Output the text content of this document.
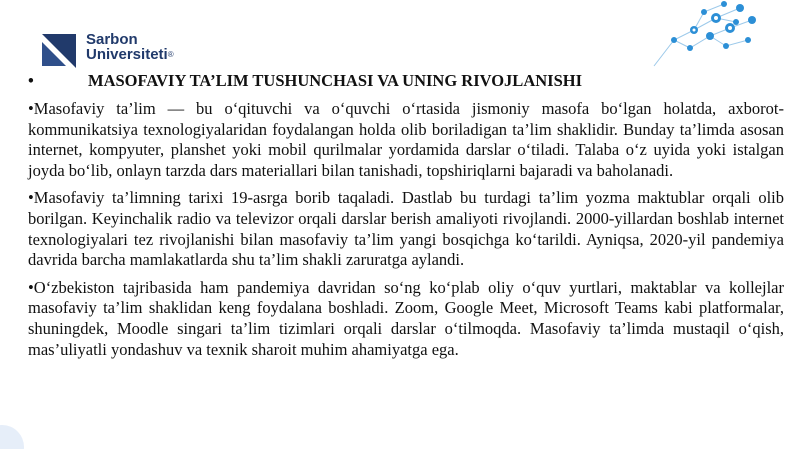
Sarbon
Universiteti®
•	MASOFAVIY TA’LIM TUSHUNCHASI VA UNING RIVOJLANISHI

•Masofaviy ta’lim — bu o‘qituvchi va o‘quvchi o‘rtasida jismoniy masofa bo‘lgan holatda, axborot-kommunikatsiya texnologiyalaridan foydalangan holda olib boriladigan ta’lim shaklidir. Bunday ta’limda asosan internet, kompyuter, planshet yoki mobil qurilmalar yordamida darslar o‘tiladi. Talaba o‘z uyida yoki istalgan joyda bo‘lib, onlayn tarzda dars materiallari bilan tanishadi, topshiriqlarni bajaradi va baholanadi.

•Masofaviy ta’limning tarixi 19-asrga borib taqaladi. Dastlab bu turdagi ta’lim yozma maktublar orqali olib borilgan. Keyinchalik radio va televizor orqali darslar berish amaliyoti rivojlandi. 2000-yillardan boshlab internet texnologiyalari tez rivojlanishi bilan masofaviy ta’lim yangi bosqichga ko‘tarildi. Ayniqsa, 2020-yil pandemiya davrida barcha mamlakatlarda shu ta’lim shakli zaruratga aylandi.

•O‘zbekiston tajribasida ham pandemiya davridan so‘ng ko‘plab oliy o‘quv yurtlari, maktablar va kollejlar masofaviy ta’lim shaklidan keng foydalana boshladi. Zoom, Google Meet, Microsoft Teams kabi platformalar, shuningdek, Moodle singari ta’lim tizimlari orqali darslar o‘tilmoqda. Masofaviy ta’limda mustaqil o‘qish, mas’uliyatli yondashuv va texnik sharoit muhim ahamiyatga ega.
